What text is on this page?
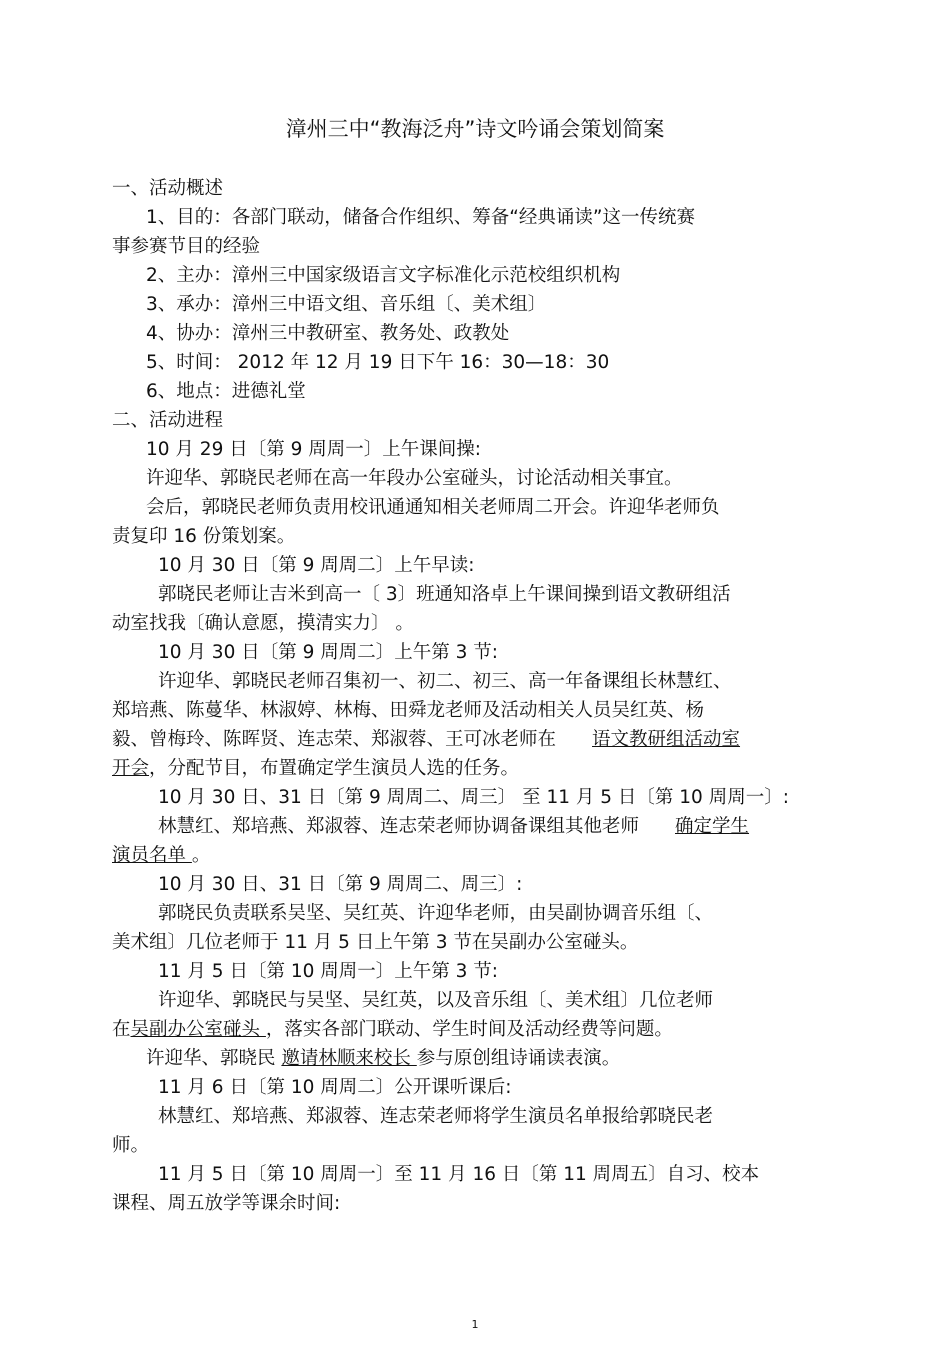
漳州三中“教海泛舟”诗文吟诵会策划简案
一、活动概述
1、目的：各部门联动，储备合作组织、筹备“经典诵读”这一传统赛
事参赛节目的经验
2、主办：漳州三中国家级语言文字标准化示范校组织机构
3、承办：漳州三中语文组、音乐组〔、美术组〕
4、协办：漳州三中教研室、教务处、政教处
5、时间： 2012 年 12 月 19 日下午 16：30—18：30
6、地点：进德礼堂
二、活动进程
10 月 29 日〔第 9 周周一〕上午课间操:
许迎华、郭晓民老师在高一年段办公室碰头，讨论活动相关事宜。
会后，郭晓民老师负责用校讯通通知相关老师周二开会。许迎华老师负
责复印 16 份策划案。
10 月 30 日〔第 9 周周二〕上午早读:
郭晓民老师让吉米到高一〔 3〕班通知洛卓上午课间操到语文教研组活
动室找我〔确认意愿，摸清实力〕 。
10 月 30 日〔第 9 周周二〕上午第 3 节:
许迎华、郭晓民老师召集初一、初二、初三、高一年备课组长林慧红、
郑培燕、陈蔓华、林淑婷、林梅、田舜龙老师及活动相关人员吴红英、杨
毅、曾梅玲、陈晖贤、连志荣、郑淑蓉、王可冰老师在 语文教研组活动室
开会，分配节目，布置确定学生演员人选的任务。
10 月 30 日、31 日〔第 9 周周二、周三〕 至 11 月 5 日〔第 10 周周一〕:
林慧红、郑培燕、郑淑蓉、连志荣老师协调备课组其他老师 确定学生
演员名单 。
10 月 30 日、31 日〔第 9 周周二、周三〕:
郭晓民负责联系吴坚、吴红英、许迎华老师，由吴副协调音乐组〔、
美术组〕几位老师于 11 月 5 日上午第 3 节在吴副办公室碰头。
11 月 5 日〔第 10 周周一〕上午第 3 节:
许迎华、郭晓民与吴坚、吴红英，以及音乐组〔、美术组〕几位老师
在吴副办公室碰头 ，落实各部门联动、学生时间及活动经费等问题。
许迎华、郭晓民 邀请林顺来校长 参与原创组诗诵读表演。
11 月 6 日〔第 10 周周二〕公开课听课后:
林慧红、郑培燕、郑淑蓉、连志荣老师将学生演员名单报给郭晓民老
师。
11 月 5 日〔第 10 周周一〕至 11 月 16 日〔第 11 周周五〕自习、校本
课程、周五放学等课余时间:
1
